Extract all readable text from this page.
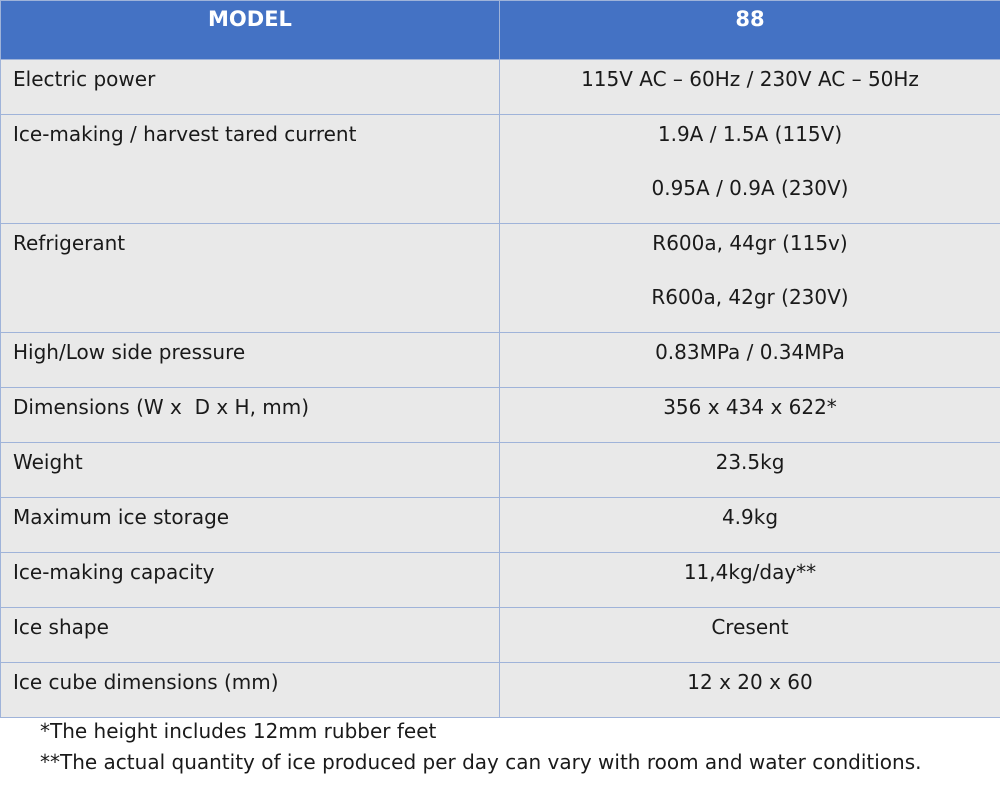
MODEL	88

Electric power	115V AC – 60Hz / 230V AC – 50Hz

Ice-making / harvest tared current	1.9A / 1.5A (115V)
0.95A / 0.9A (230V)

Refrigerant	R600a, 44gr (115v)
R600a, 42gr (230V)

High/Low side pressure	0.83MPa / 0.34MPa

Dimensions (W x  D x H, mm)	356 x 434 x 622*

Weight	23.5kg

Maximum ice storage	4.9kg

Ice-making capacity	11,4kg/day**

Ice shape	Cresent

Ice cube dimensions (mm)	12 x 20 x 60
*The height includes 12mm rubber feet
**The actual quantity of ice produced per day can vary with room and water conditions.
